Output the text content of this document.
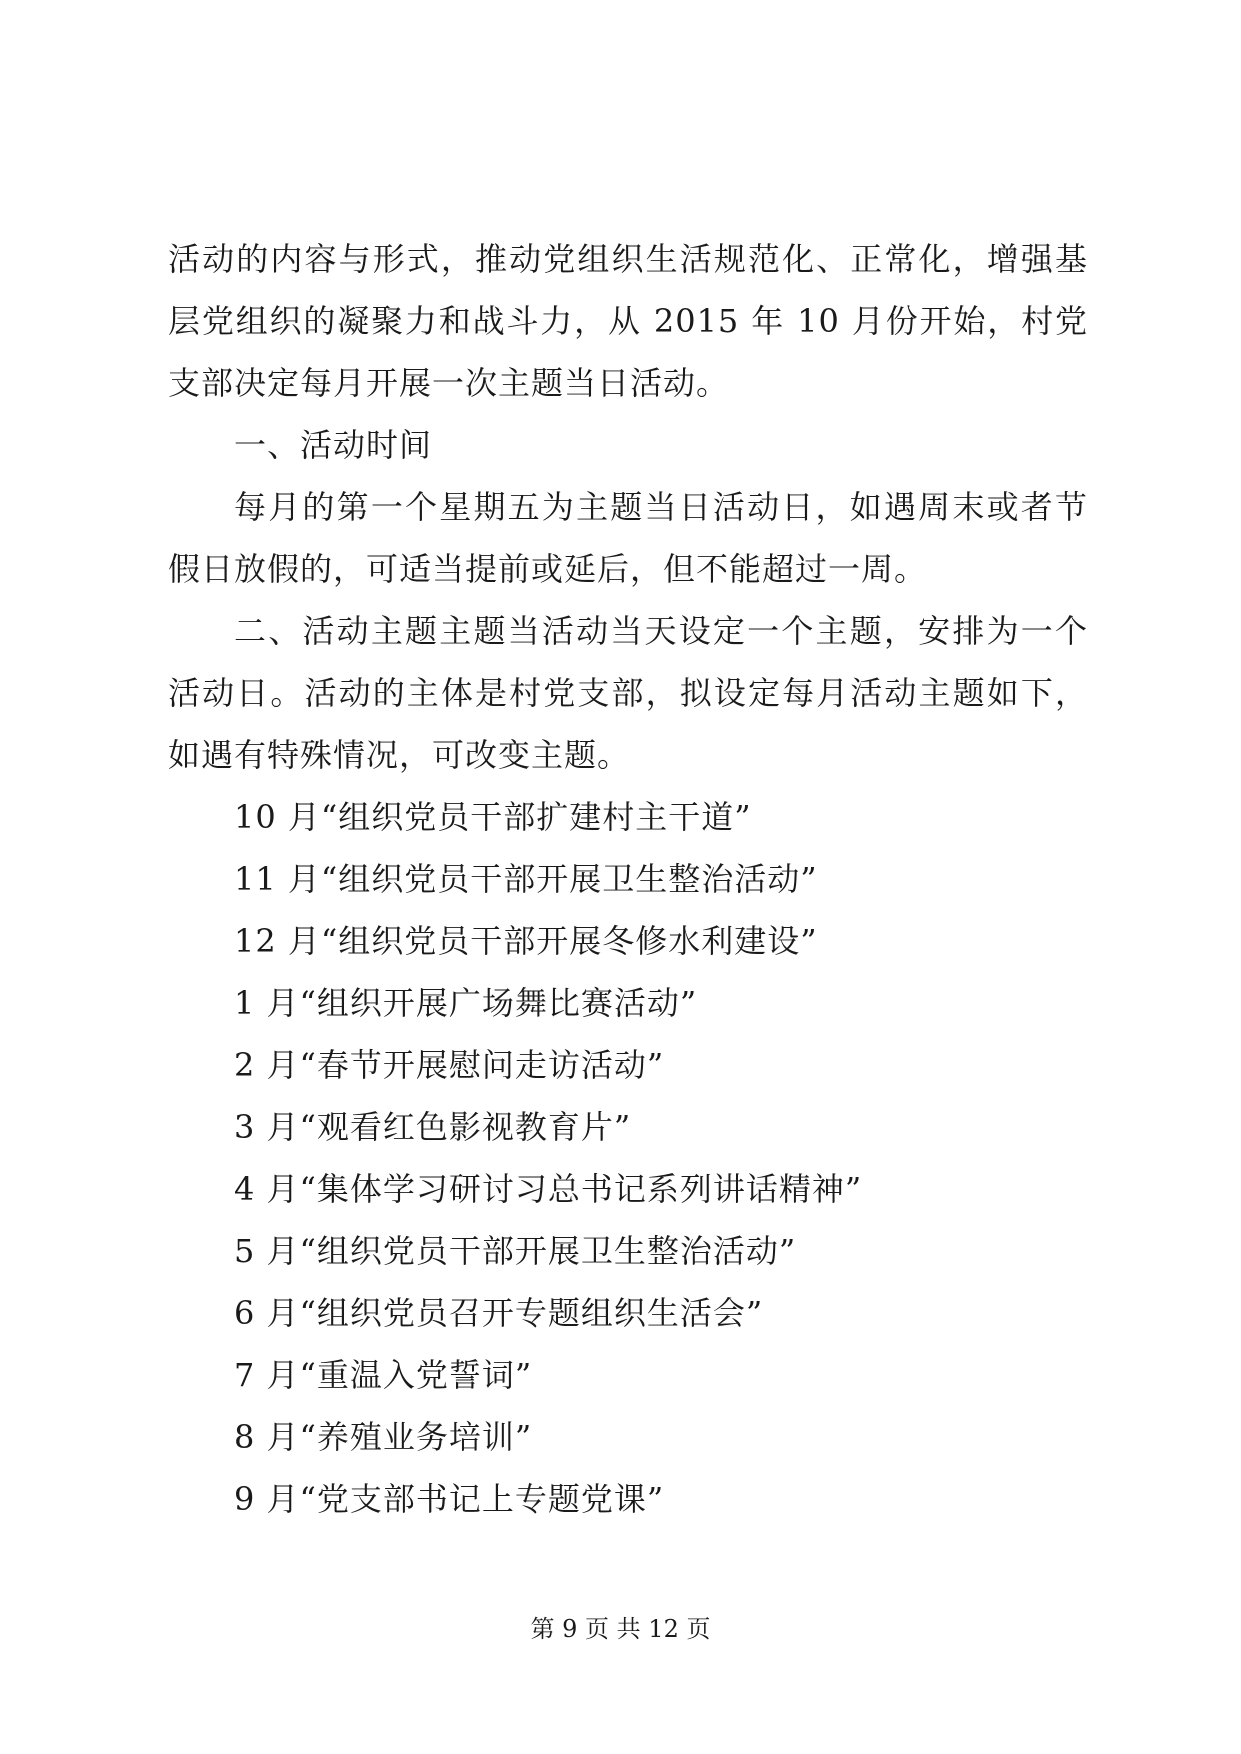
活动的内容与形式，推动党组织生活规范化、正常化，增强基层党组织的凝聚力和战斗力，从 2015 年 10 月份开始，村党支部决定每月开展一次主题当日活动。

一、活动时间

每月的第一个星期五为主题当日活动日，如遇周末或者节假日放假的，可适当提前或延后，但不能超过一周。

二、活动主题主题当活动当天设定一个主题，安排为一个活动日。活动的主体是村党支部，拟设定每月活动主题如下，如遇有特殊情况，可改变主题。

10 月“组织党员干部扩建村主干道”
11 月“组织党员干部开展卫生整治活动”
12 月“组织党员干部开展冬修水利建设”
1 月“组织开展广场舞比赛活动”
2 月“春节开展慰问走访活动”
3 月“观看红色影视教育片”
4 月“集体学习研讨习总书记系列讲话精神”
5 月“组织党员干部开展卫生整治活动”
6 月“组织党员召开专题组织生活会”
7 月“重温入党誓词”
8 月“养殖业务培训”
9 月“党支部书记上专题党课”
第 9 页 共 12 页
